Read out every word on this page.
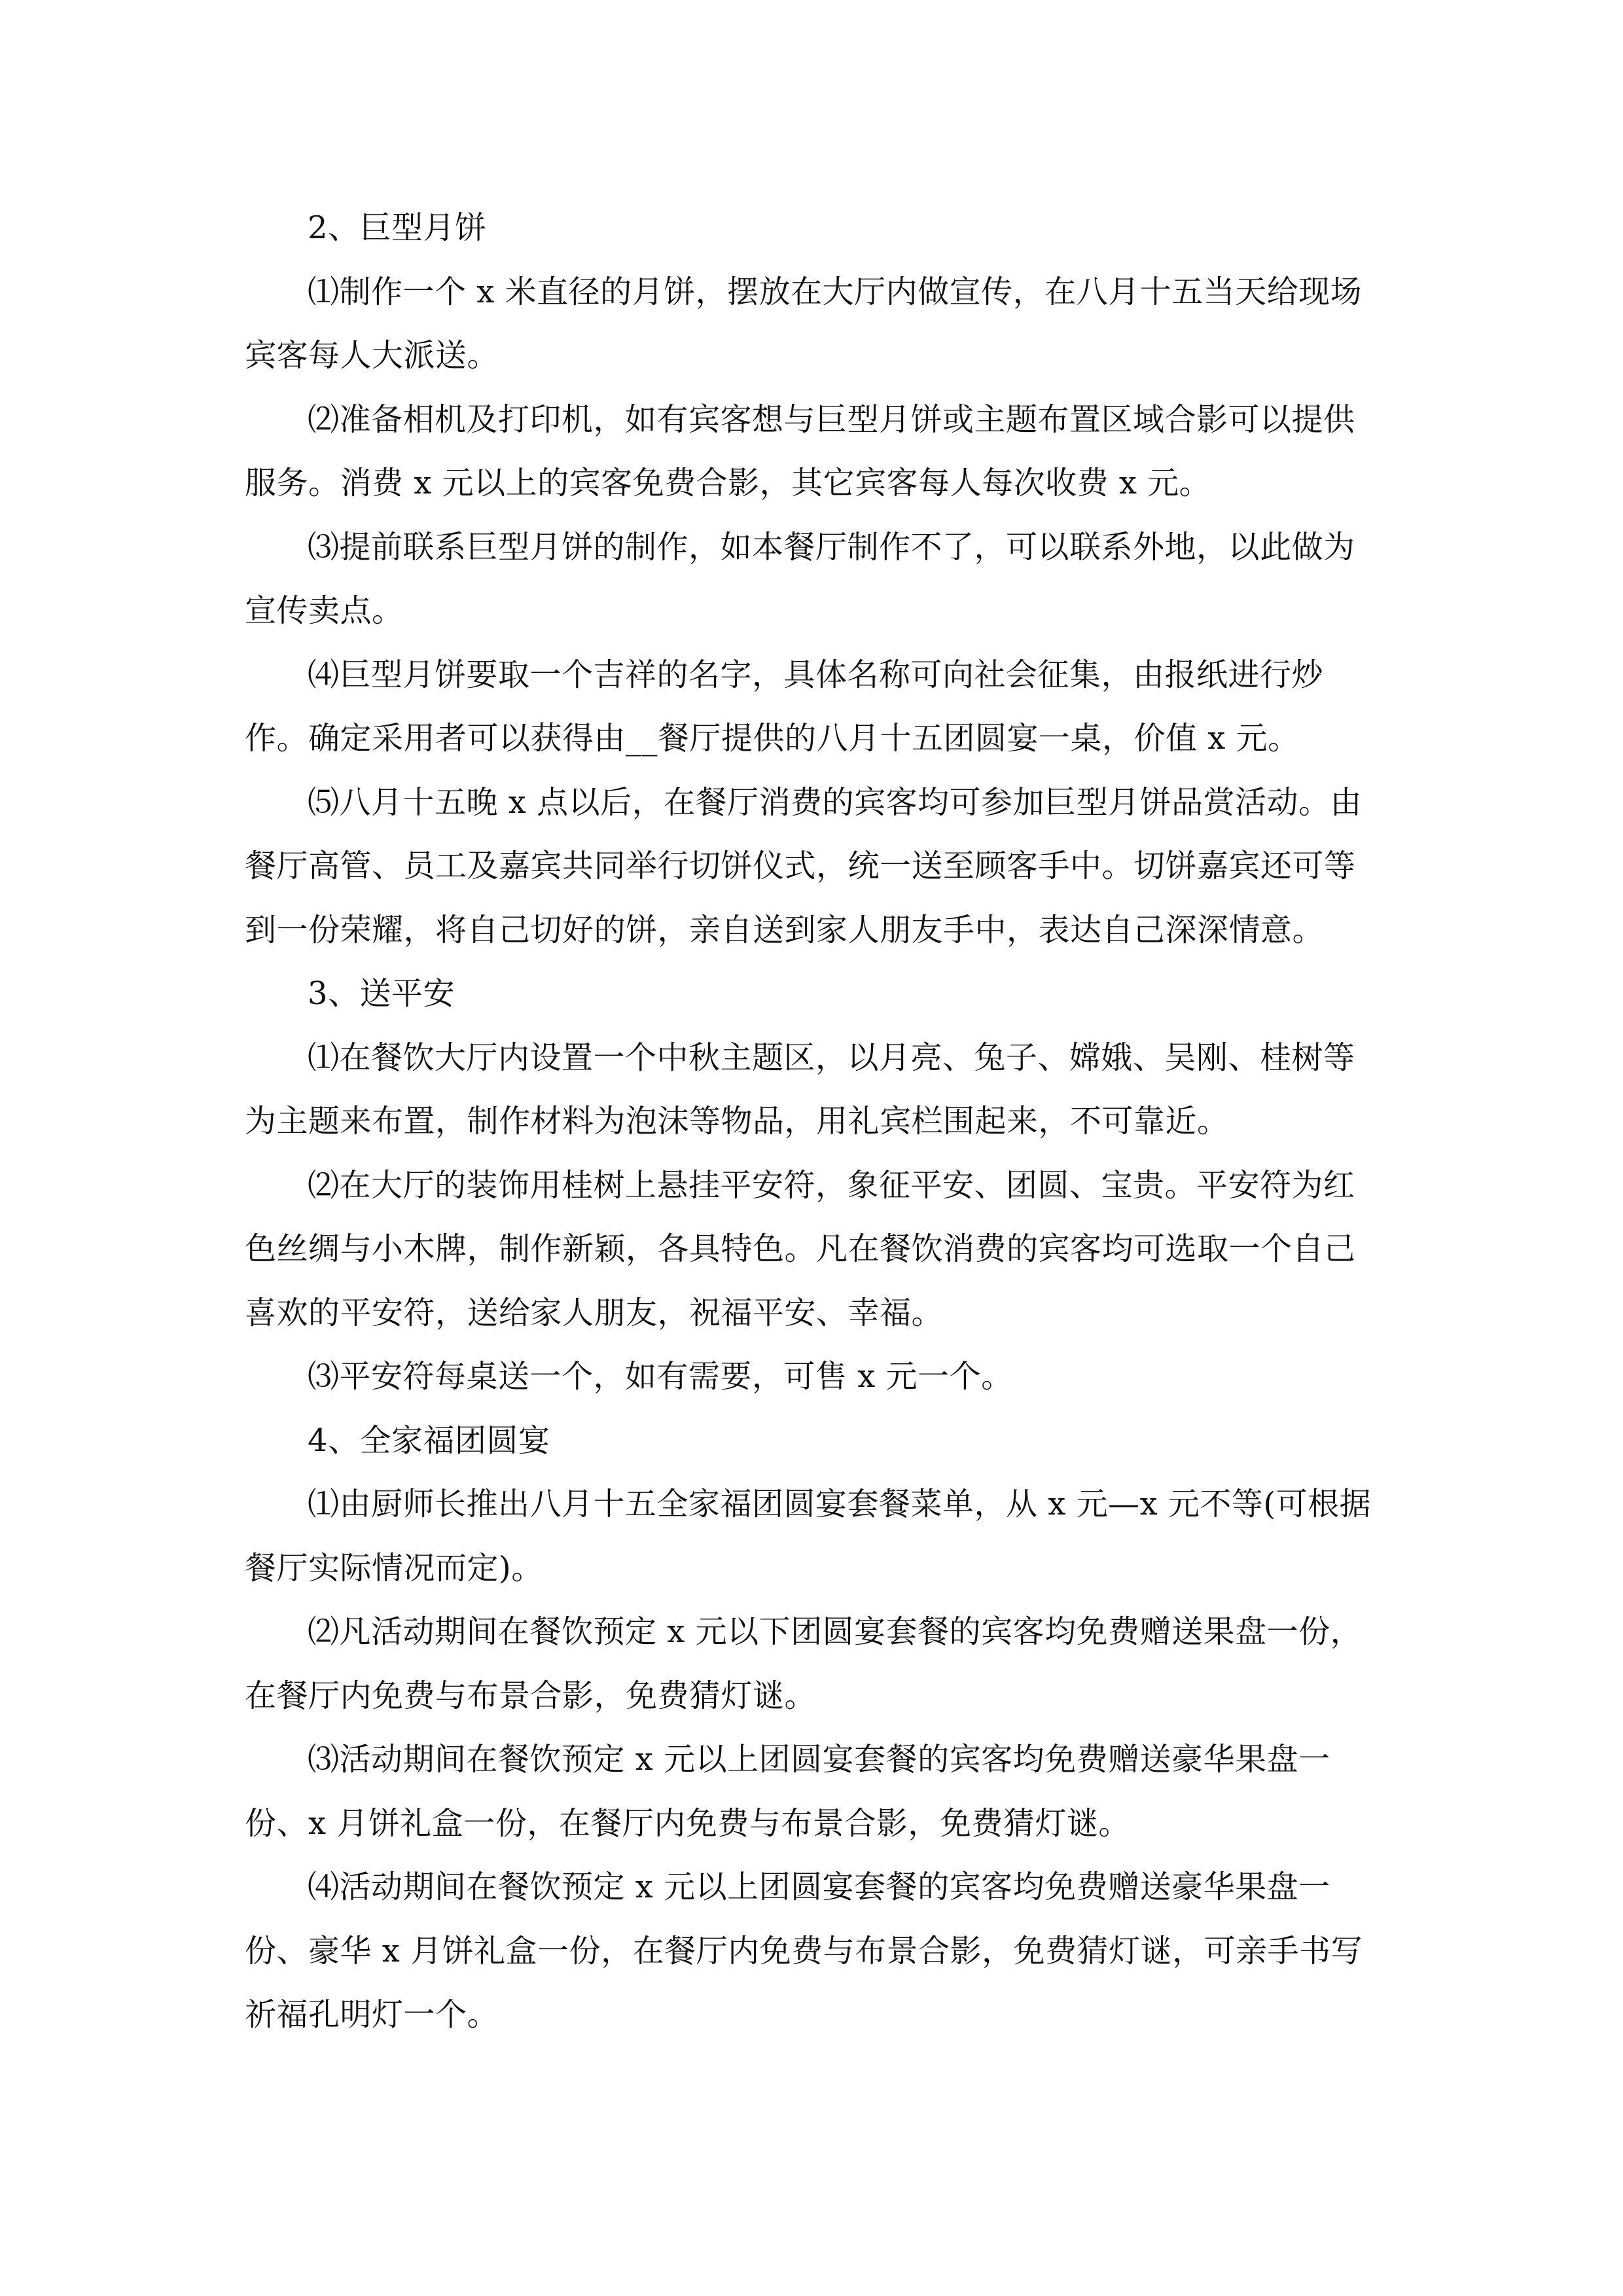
2、巨型月饼

⑴制作一个 x 米直径的月饼，摆放在大厅内做宣传，在八月十五当天给现场宾客每人大派送。

⑵准备相机及打印机，如有宾客想与巨型月饼或主题布置区域合影可以提供服务。消费 x 元以上的宾客免费合影，其它宾客每人每次收费 x 元。

⑶提前联系巨型月饼的制作，如本餐厅制作不了，可以联系外地，以此做为宣传卖点。

⑷巨型月饼要取一个吉祥的名字，具体名称可向社会征集，由报纸进行炒作。确定采用者可以获得由__餐厅提供的八月十五团圆宴一桌，价值 x 元。

⑸八月十五晚 x 点以后，在餐厅消费的宾客均可参加巨型月饼品赏活动。由餐厅高管、员工及嘉宾共同举行切饼仪式，统一送至顾客手中。切饼嘉宾还可等到一份荣耀，将自己切好的饼，亲自送到家人朋友手中，表达自己深深情意。

3、送平安

⑴在餐饮大厅内设置一个中秋主题区，以月亮、兔子、嫦娥、吴刚、桂树等为主题来布置，制作材料为泡沫等物品，用礼宾栏围起来，不可靠近。

⑵在大厅的装饰用桂树上悬挂平安符，象征平安、团圆、宝贵。平安符为红色丝绸与小木牌，制作新颖，各具特色。凡在餐饮消费的宾客均可选取一个自己喜欢的平安符，送给家人朋友，祝福平安、幸福。

⑶平安符每桌送一个，如有需要，可售 x 元一个。

4、全家福团圆宴

⑴由厨师长推出八月十五全家福团圆宴套餐菜单，从 x 元—x 元不等(可根据餐厅实际情况而定)。

⑵凡活动期间在餐饮预定 x 元以下团圆宴套餐的宾客均免费赠送果盘一份，在餐厅内免费与布景合影，免费猜灯谜。

⑶活动期间在餐饮预定 x 元以上团圆宴套餐的宾客均免费赠送豪华果盘一份、x 月饼礼盒一份，在餐厅内免费与布景合影，免费猜灯谜。

⑷活动期间在餐饮预定 x 元以上团圆宴套餐的宾客均免费赠送豪华果盘一份、豪华 x 月饼礼盒一份，在餐厅内免费与布景合影，免费猜灯谜，可亲手书写祈福孔明灯一个。
